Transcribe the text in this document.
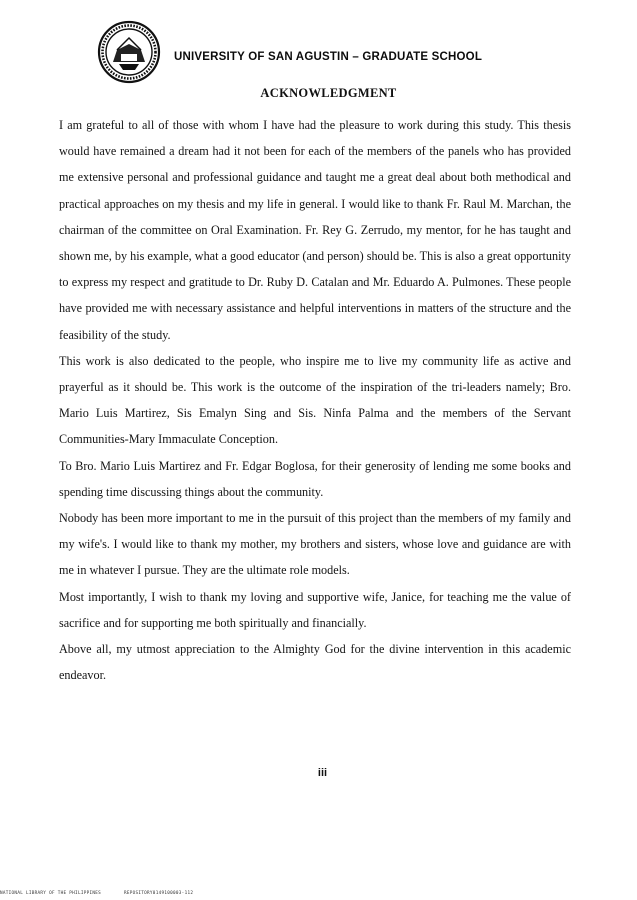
UNIVERSITY OF SAN AGUSTIN – GRADUATE SCHOOL
ACKNOWLEDGMENT

I am grateful to all of those with whom I have had the pleasure to work during this study. This thesis would have remained a dream had it not been for each of the members of the panels who has provided me extensive personal and professional guidance and taught me a great deal about both methodical and practical approaches on my thesis and my life in general. I would like to thank Fr. Raul M. Marchan, the chairman of the committee on Oral Examination. Fr. Rey G. Zerrudo, my mentor, for he has taught and shown me, by his example, what a good educator (and person) should be. This is also a great opportunity to express my respect and gratitude to Dr. Ruby D. Catalan and Mr. Eduardo A. Pulmones. These people have provided me with necessary assistance and helpful interventions in matters of the structure and the feasibility of the study.

This work is also dedicated to the people, who inspire me to live my community life as active and prayerful as it should be. This work is the outcome of the inspiration of the tri-leaders namely; Bro. Mario Luis Martirez, Sis Emalyn Sing and Sis. Ninfa Palma and the members of the Servant Communities-Mary Immaculate Conception.

To Bro. Mario Luis Martirez and Fr. Edgar Boglosa, for their generosity of lending me some books and spending time discussing things about the community.

Nobody has been more important to me in the pursuit of this project than the members of my family and my wife's. I would like to thank my mother, my brothers and sisters, whose love and guidance are with me in whatever I pursue. They are the ultimate role models.

Most importantly, I wish to thank my loving and supportive wife, Janice, for teaching me the value of sacrifice and for supporting me both spiritually and financially.

Above all, my utmost appreciation to the Almighty God for the divine intervention in this academic endeavor.

iii
NATIONAL LIBRARY OF THE PHILIPPINES	REPOSITORY0149100003-112
